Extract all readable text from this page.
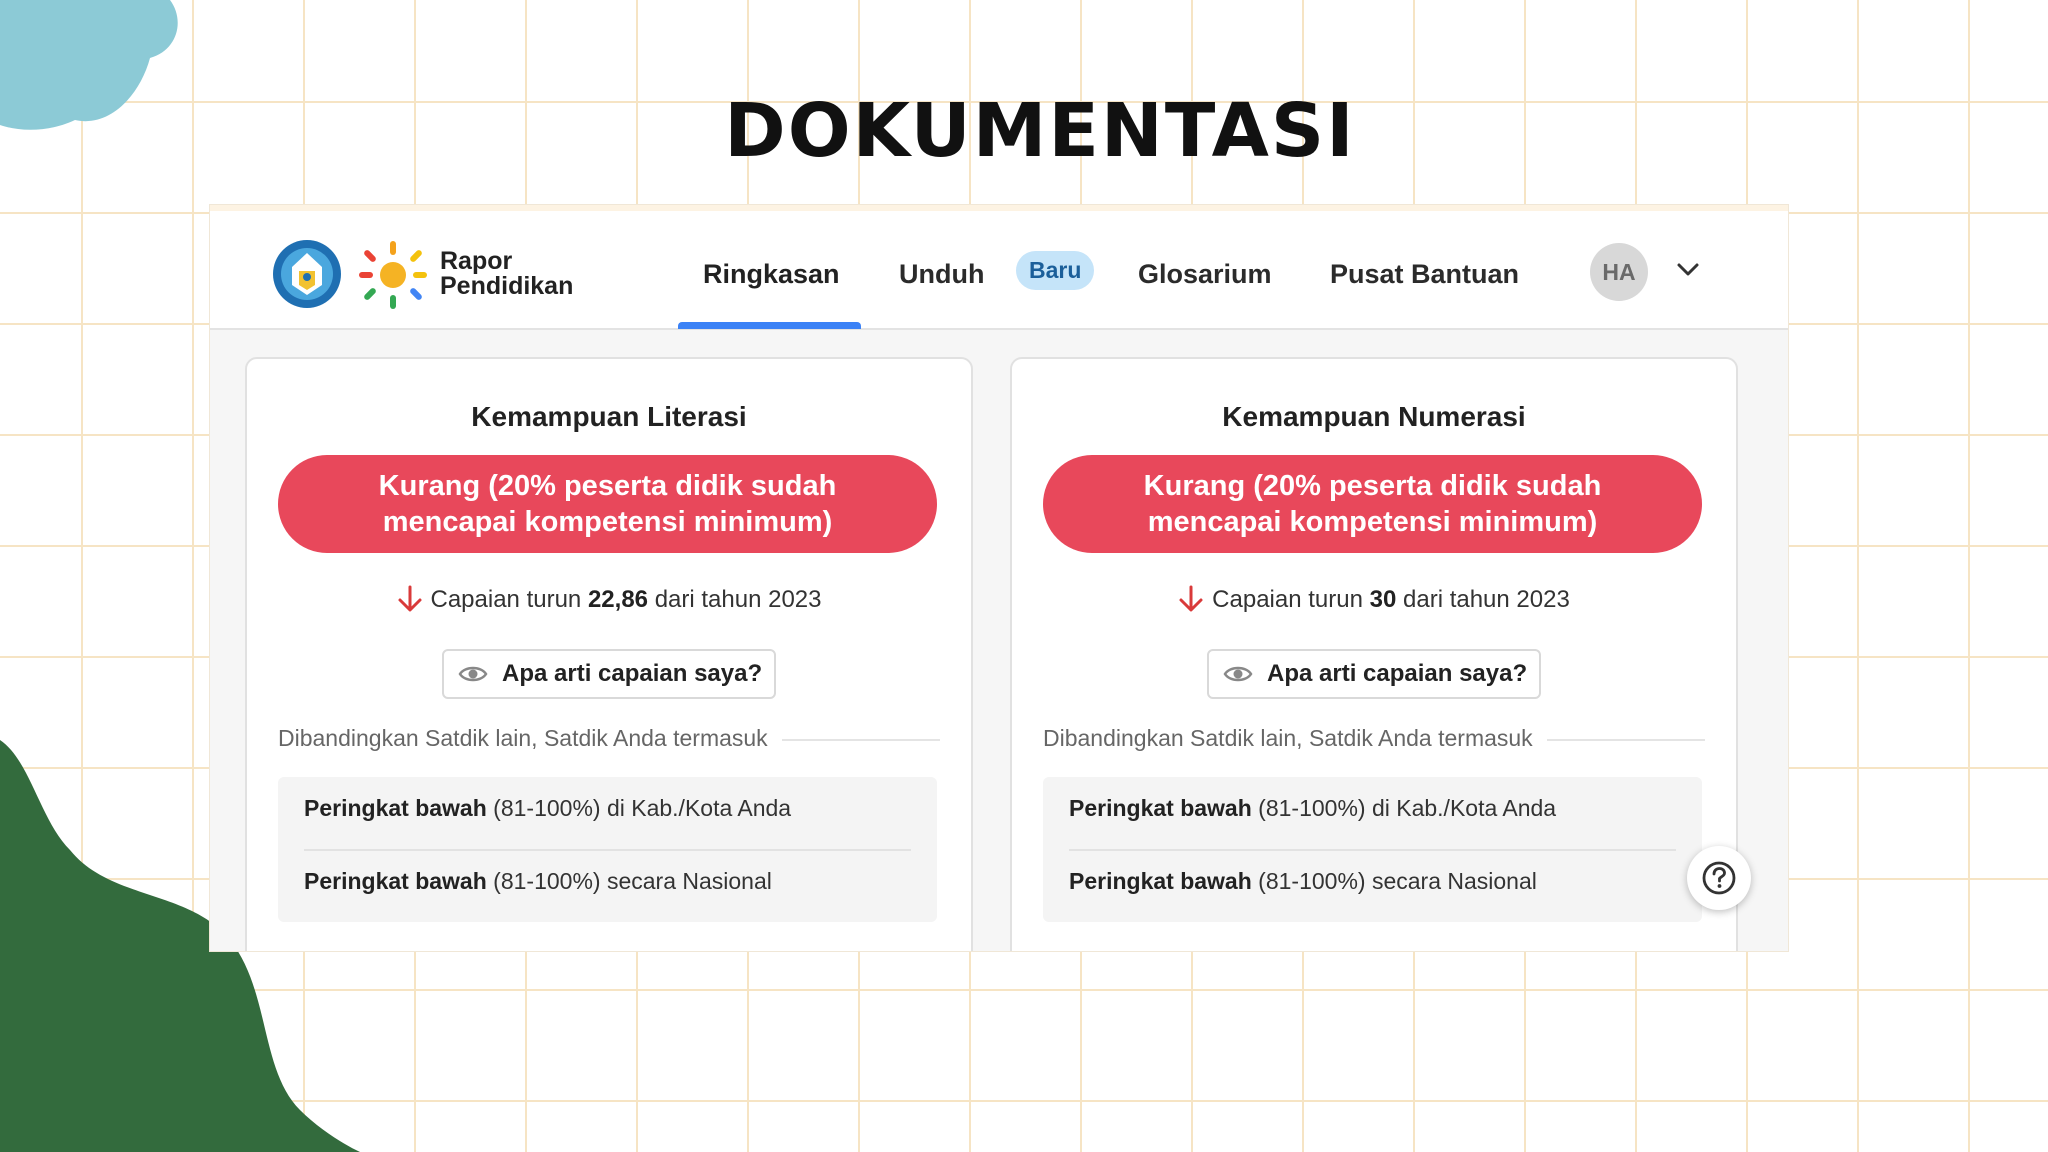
DOKUMENTASI
Rapor
Pendidikan	Ringkasan Unduh	Baru	Glosarium Pusat Bantuan	HA
Kemampuan Literasi
Kurang (20% peserta didik sudah mencapai kompetensi minimum)
Capaian turun 22,86 dari tahun 2023
Apa arti capaian saya?
Dibandingkan Satdik lain, Satdik Anda termasuk
Peringkat bawah (81-100%) di Kab./Kota Anda
Peringkat bawah (81-100%) secara Nasional
Kemampuan Numerasi
Kurang (20% peserta didik sudah mencapai kompetensi minimum)
Capaian turun 30 dari tahun 2023
Apa arti capaian saya?
Dibandingkan Satdik lain, Satdik Anda termasuk
Peringkat bawah (81-100%) di Kab./Kota Anda
Peringkat bawah (81-100%) secara Nasional
